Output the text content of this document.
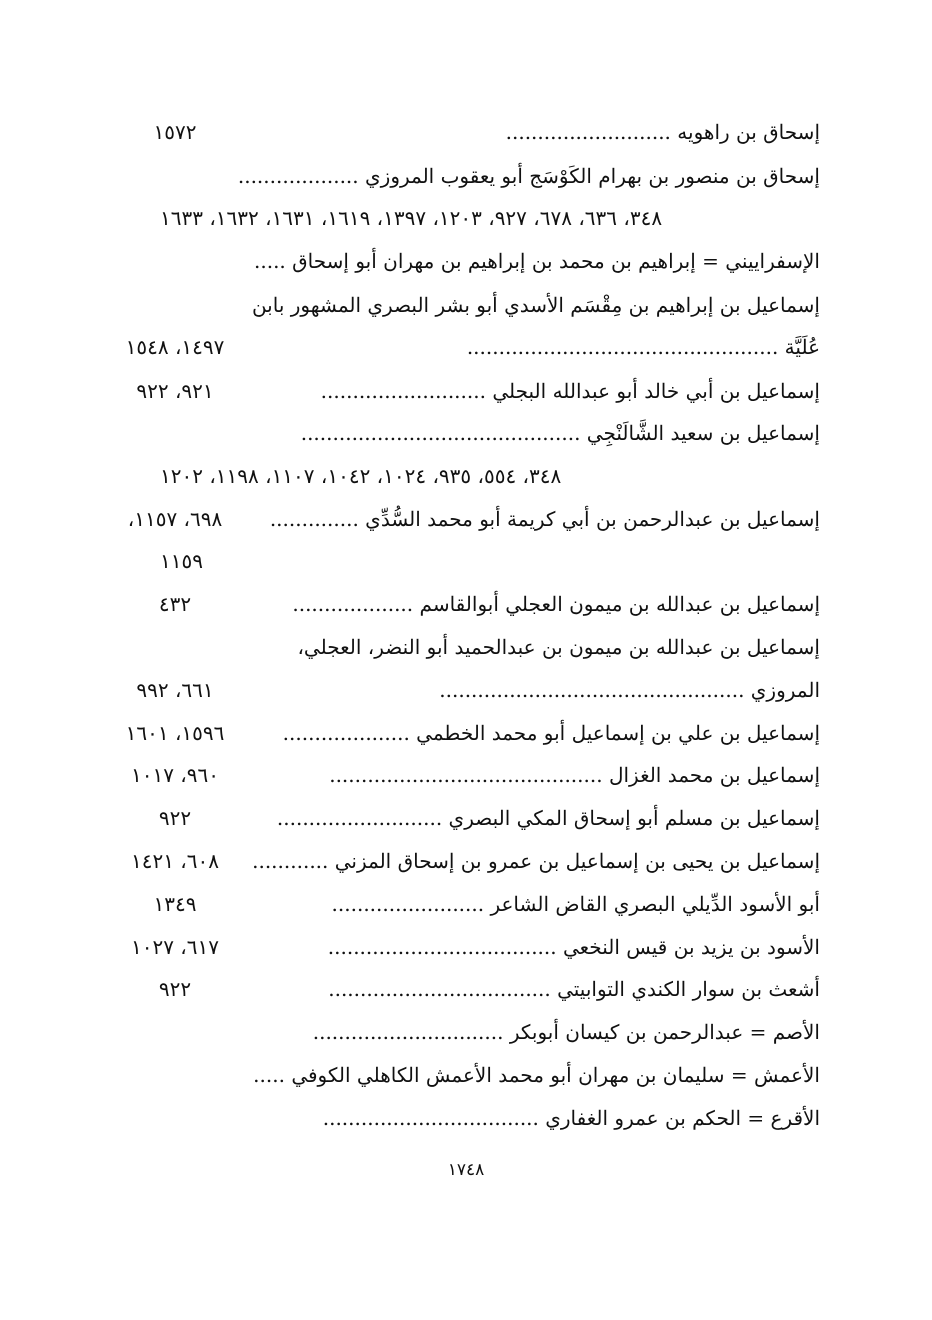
إسحاق بن راهويه ..........................
١٥٧٢
إسحاق بن منصور بن بهرام الكَوْسَج أبو يعقوب المروزي ...................
٣٤٨، ٦٣٦، ٦٧٨، ٩٢٧، ١٢٠٣، ١٣٩٧، ١٦١٩، ١٦٣١، ١٦٣٢، ١٦٣٣
الإسفراييني = إبراهيم بن محمد بن إبراهيم بن مهران أبو إسحاق .....
إسماعيل بن إبراهيم بن مِقْسَم الأسدي أبو بشر البصري المشهور بابن
عُلَيَّة .................................................
١٤٩٧، ١٥٤٨
إسماعيل بن أبي خالد أبو عبدالله البجلي ..........................
٩٢١، ٩٢٢
إسماعيل بن سعيد الشَّالَنْجِي ............................................
٣٤٨، ٥٥٤، ٩٣٥، ١٠٢٤، ١٠٤٢، ١١٠٧، ١١٩٨، ١٢٠٢
إسماعيل بن عبدالرحمن بن أبي كريمة أبو محمد السُّدِّي ..............
٦٩٨، ١١٥٧،
١١٥٩
إسماعيل بن عبدالله بن ميمون العجلي أبوالقاسم ...................
٤٣٢
إسماعيل بن عبدالله بن ميمون بن عبدالحميد أبو النضر، العجلي،
المروزي ................................................
٦٦١، ٩٩٢
إسماعيل بن علي بن إسماعيل أبو محمد الخطمي ....................
١٥٩٦، ١٦٠١
إسماعيل بن محمد الغزال ...........................................
٩٦٠، ١٠١٧
إسماعيل بن مسلم أبو إسحاق المكي البصري ..........................
٩٢٢
إسماعيل بن يحيى بن إسماعيل بن عمرو بن إسحاق المزني ............
٦٠٨، ١٤٢١
أبو الأسود الدِّيلي البصري القاض الشاعر ........................
١٣٤٩
الأسود بن يزيد بن قيس النخعي ....................................
٦١٧، ١٠٢٧
أشعث بن سوار الكندي التوابيتي ...................................
٩٢٢
الأصم = عبدالرحمن بن كيسان أبوبكر ..............................
الأعمش = سليمان بن مهران أبو محمد الأعمش الكاهلي الكوفي .....
الأقرع = الحكم بن عمرو الغفاري ..................................
١٧٤٨
